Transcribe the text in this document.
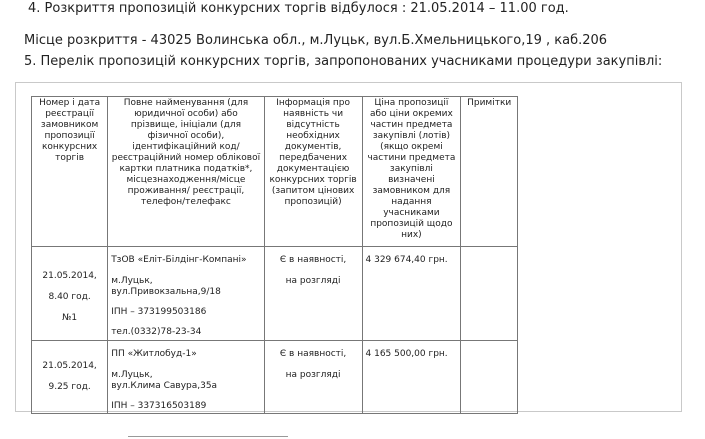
4. Розкриття пропозицій конкурсних торгів відбулося : 21.05.2014 – 11.00 год.
Місце розкриття - 43025 Волинська обл., м.Луцьк, вул.Б.Хмельницького,19 , каб.206
5. Перелік пропозицій конкурсних торгів, запропонованих учасниками процедури закупівлі:
Номер і дата реєстрації замовником пропозиції конкурсних торгів	Повне найменування (для юридичної особи) або прізвище, ініціали (для фізичної особи), ідентифікаційний код/ реєстраційний номер облікової картки платника податків*, місцезнаходження/місце проживання/ реєстрації, телефон/телефакс	Інформація про наявність чи відсутність необхідних документів, передбачених документацією конкурсних торгів (запитом цінових пропозицій)	Ціна пропозиції або ціни окремих частин предмета закупівлі (лотів) (якщо окремі частини предмета закупівлі визначені замовником для надання учасниками пропозицій щодо них)	Примітки

21.05.2014,
8.40 год.
№1	ТзОВ «Еліт-Білдінг-Компані»
м.Луцьк,
вул.Привокзальна,9/18
ІПН – 373199503186
тел.(0332)78-23-34	Є в наявності,
на розгляді	4 329 674,40 грн.	

21.05.2014,
9.25 год.	ПП «Житлобуд-1»
м.Луцьк,
вул.Клима Савура,35а
ІПН – 337316503189	Є в наявності,
на розгляді	4 165 500,00 грн.	
